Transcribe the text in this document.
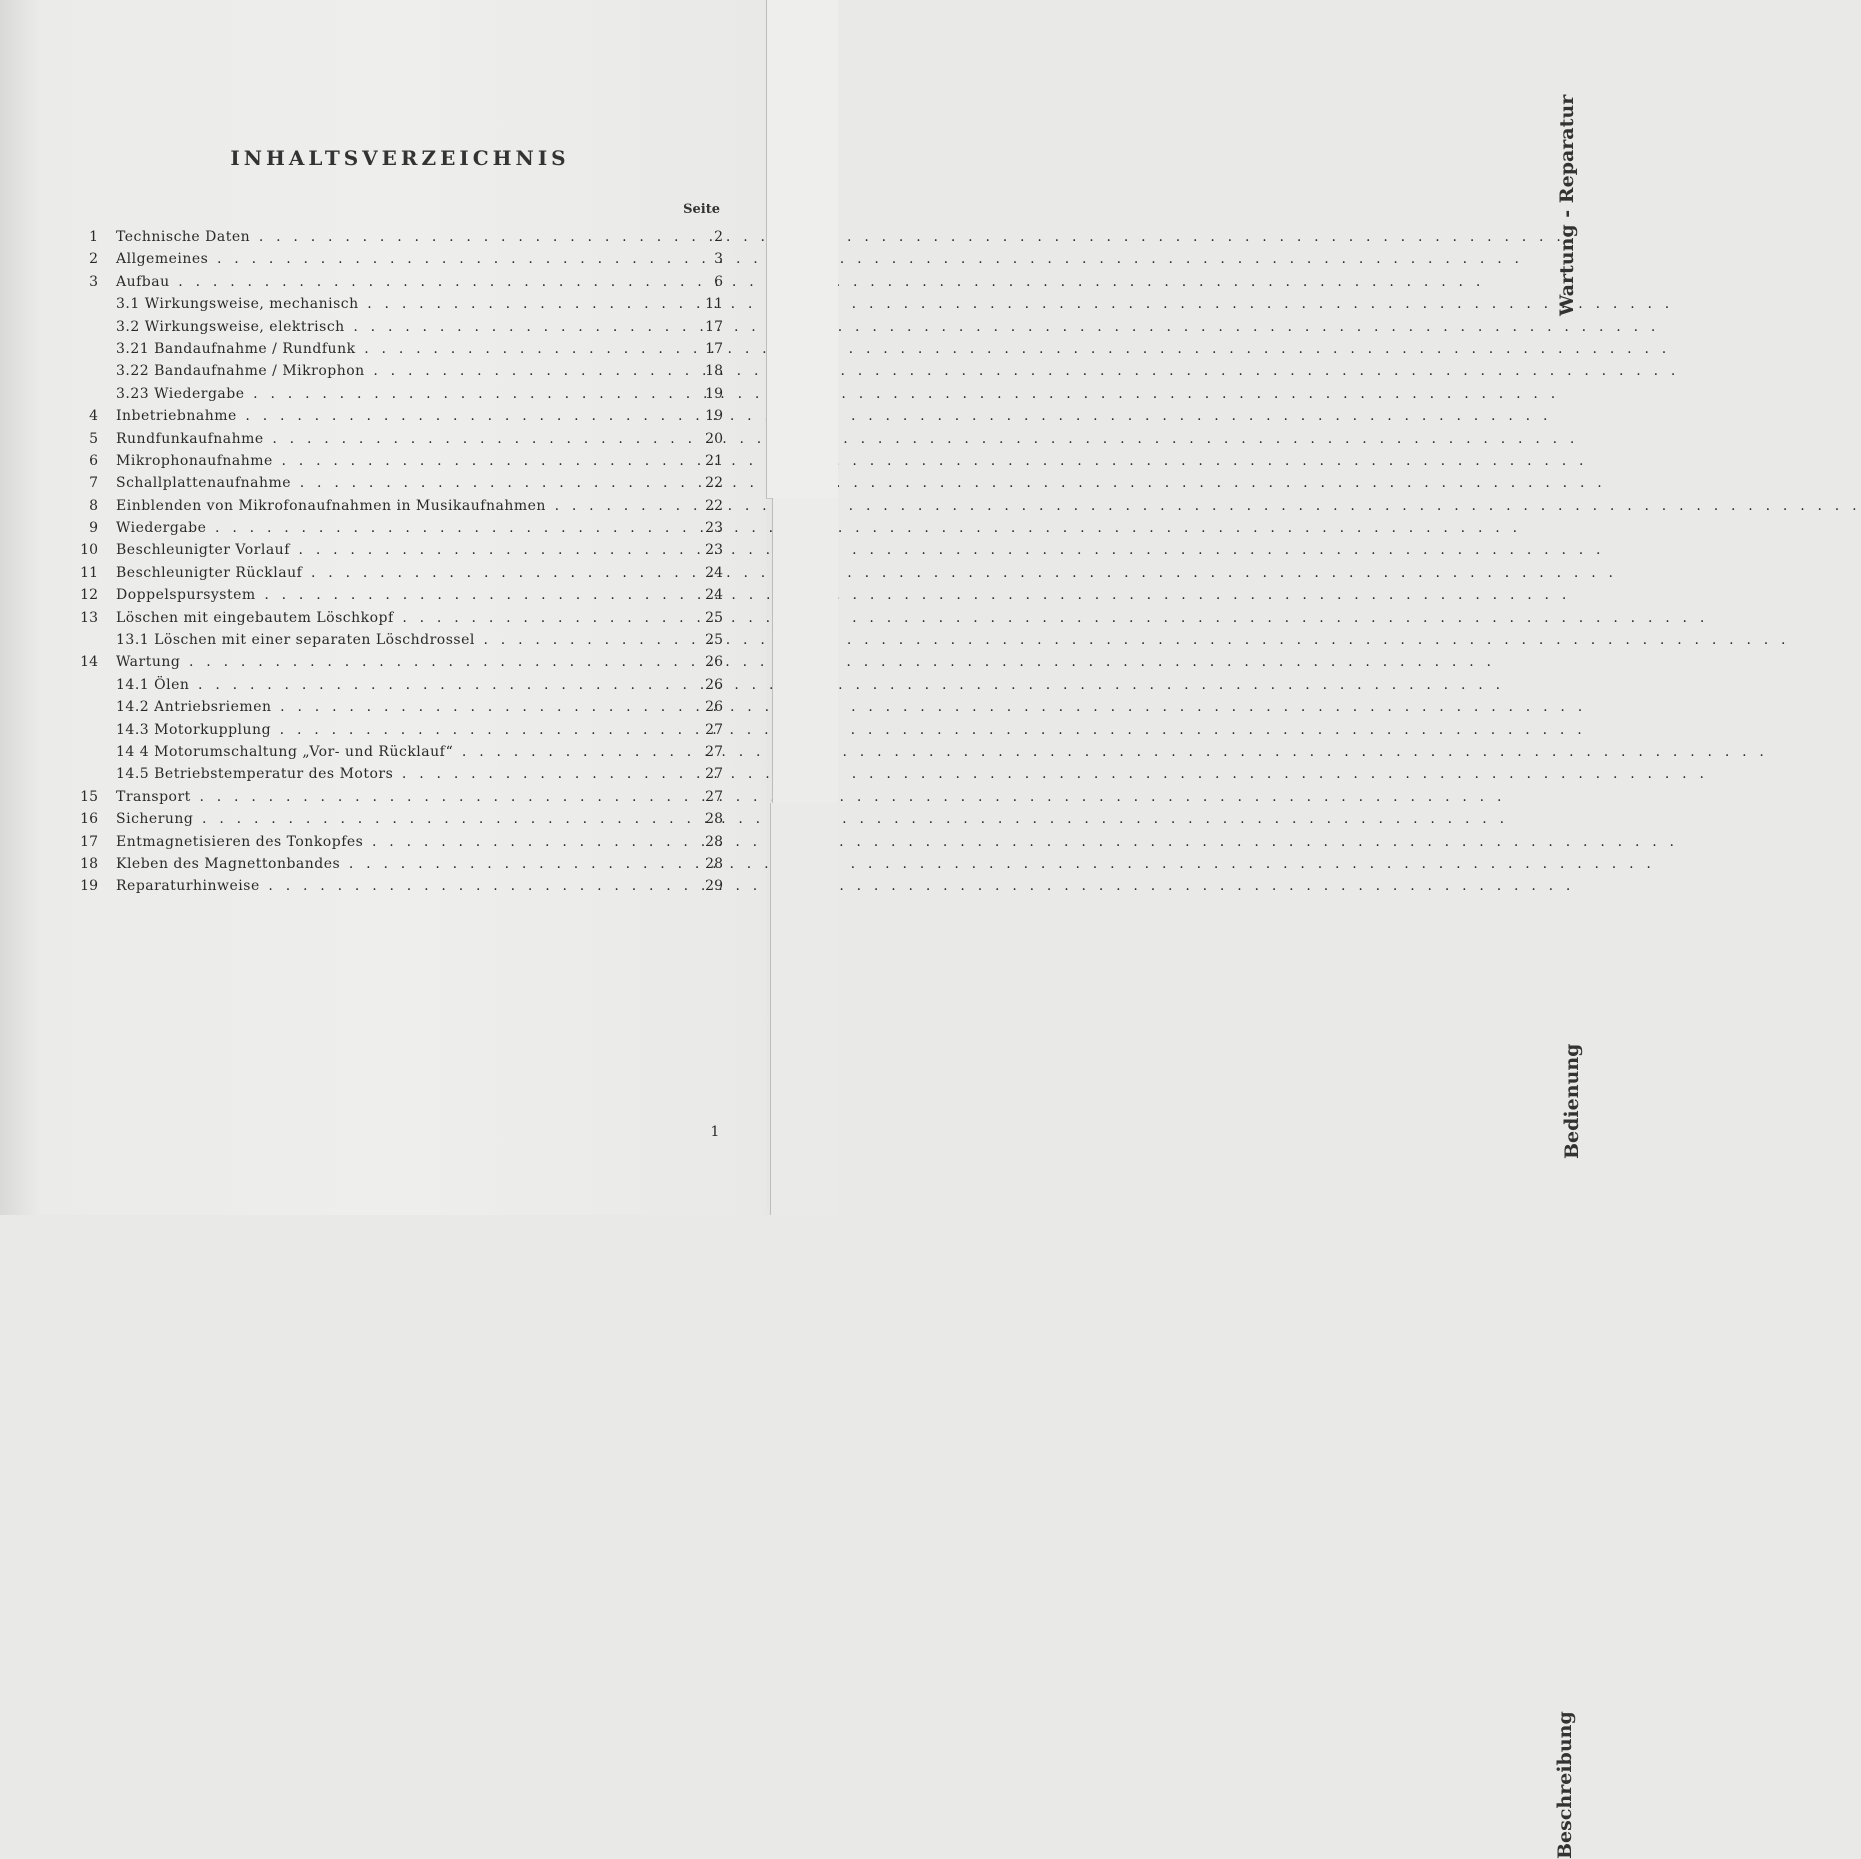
INHALTSVERZEICHNIS
Seite
1 Technische Daten . . .	2
2 Allgemeines . . .	3
3 Aufbau . . .	6
3.1 Wirkungsweise, mechanisch . . .	11
3.2 Wirkungsweise, elektrisch . . .	17
3.21 Bandaufnahme / Rundfunk . . .	17
3.22 Bandaufnahme / Mikrophon . . .	18
3.23 Wiedergabe . . .	19
4 Inbetriebnahme . . .	19
5 Rundfunkaufnahme . . .	20
6 Mikrophonaufnahme . . .	21
7 Schallplattenaufnahme . . .	22
8 Einblenden von Mikrofonaufnahmen in Musikaufnahmen . . .	22
9 Wiedergabe . . .	23
10 Beschleunigter Vorlauf . . .	23
11 Beschleunigter Rücklauf . . .	24
12 Doppelspursystem . . .	24
13 Löschen mit eingebautem Löschkopf . . .	25
13.1 Löschen mit einer separaten Löschdrossel . . .	25
14 Wartung . . .	26
14.1 Ölen . . .	26
14.2 Antriebsriemen . . .	26
14.3 Motorkupplung . . .	27
14 4 Motorumschaltung „Vor- und Rücklauf“ . . .	27
14.5 Betriebstemperatur des Motors . . .	27
15 Transport . . .	27
16 Sicherung . . .	28
17 Entmagnetisieren des Tonkopfes . . .	28
18 Kleben des Magnettonbandes . . .	28
19 Reparaturhinweise . . .	29
Wartung - Reparatur
Bedienung
Beschreibung
1
